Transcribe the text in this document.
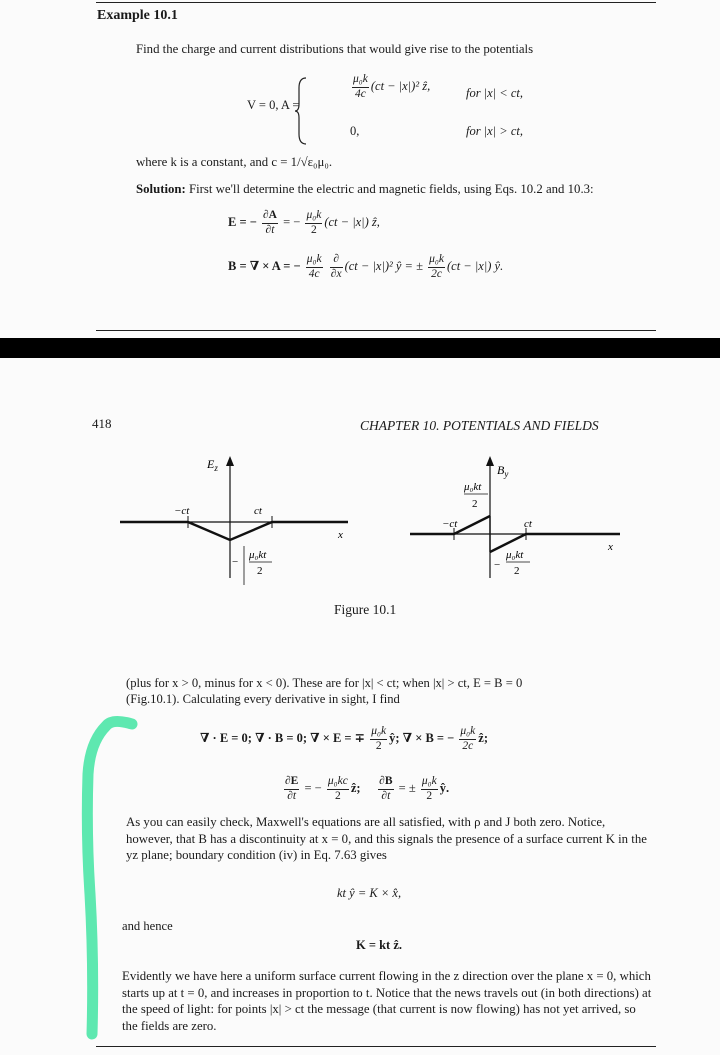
Example 10.1
Find the charge and current distributions that would give rise to the potentials
V = 0, A =
$\frac{\text{μ₀k}}{4c} (ct - |x|)^2$ ẑ,
for |x| < ct,
0,	for |x| > ct,
where k is a constant, and c = 1/√ε₀μ₀.
Solution: First we'll determine the electric and magnetic fields, using Eqs. 10.2 and 10.3:
E = − $\frac{\partial A}{\partial t}$ = − $\frac{\text{μ₀k}}{2} (ct - |x|)$ ẑ,
B = ∇ × A = − $\frac{\text{μ₀k}}{4c}$
$\frac{\partial}{\partial x} (ct - |x|)^2$ ŷ = ± $\frac{\text{μ₀k}}{2c} (ct - |x|)$ ŷ.
418	CHAPTER 10. POTENTIALS AND FIELDS
$E_z$
−ct	ct
x
−
μ₀kt
2
$B_y$
μ₀kt
2
−ct	ct
x
−
μ₀kt
2
Figure 10.1
(plus for x > 0, minus for x < 0). These are for |x| < ct; when |x| > ct, E = B = 0
(Fig.10.1). Calculating every derivative in sight, I find
∇ · E = 0; ∇ · B = 0; ∇ × E = ∓ $\frac{\text{μ₀k}}{2}$ ŷ; ∇ × B = − $\frac{\text{μ₀k}}{2c}$ ẑ;
$\frac{\partial E}{\partial t}$ = − $\frac{\text{μ₀kc}}{2}$ ẑ; $\frac{\partial B}{\partial t}$ = ± $\frac{\text{μ₀k}}{2}$ ŷ.
As you can easily check, Maxwell's equations are all satisfied, with ρ and J both zero. Notice, however, that B has a discontinuity at x = 0, and this signals the presence of a surface current K in the yz plane; boundary condition (iv) in Eq. 7.63 gives
kt ŷ = K × x̂,
and hence
K = kt ẑ.
Evidently we have here a uniform surface current flowing in the z direction over the plane x = 0, which starts up at t = 0, and increases in proportion to t. Notice that the news travels out (in both directions) at the speed of light: for points |x| > ct the message (that current is now flowing) has not yet arrived, so the fields are zero.
